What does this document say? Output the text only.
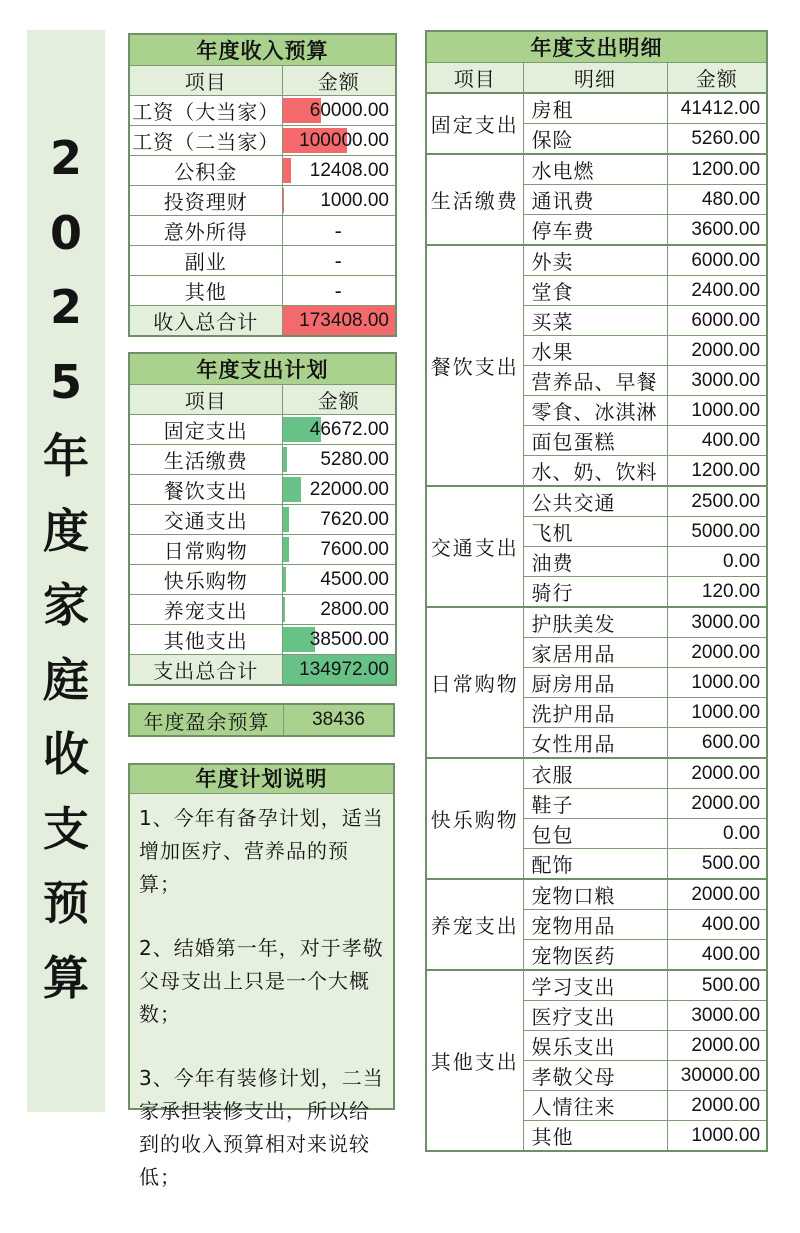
2
0
2
5
年
度
家
庭
收
支
预
算
年度收入预算	
项目	金额
工资（大当家）	60000.00

工资（二当家）	100000.00

公积金	12408.00

投资理财	1000.00

意外所得	-

副业	-

其他	-

收入总合计	173408.00
年度支出计划	
项目	金额
固定支出	46672.00

生活缴费	5280.00

餐饮支出	22000.00

交通支出	7620.00

日常购物	7600.00

快乐购物	4500.00

养宠支出	2800.00

其他支出	38500.00

支出总合计	134972.00
年度盈余预算	38436
年度计划说明

1、今年有备孕计划，适当增加医疗、营养品的预算；

2、结婚第一年，对于孝敬父母支出上只是一个大概数；

3、今年有装修计划，二当家承担装修支出，所以给到的收入预算相对来说较低；

年度支出明细		
项目	明细	金额
固定支出	房租	41412.00
	保险	5260.00
生活缴费	水电燃	1200.00
	通讯费	480.00
	停车费	3600.00
餐饮支出	外卖	6000.00
	堂食	2400.00
	买菜	6000.00
	水果	2000.00
	营养品、早餐	3000.00
	零食、冰淇淋	1000.00
	面包蛋糕	400.00
	水、奶、饮料	1200.00
交通支出	公共交通	2500.00
	飞机	5000.00
	油费	0.00
	骑行	120.00
日常购物	护肤美发	3000.00
	家居用品	2000.00
	厨房用品	1000.00
	洗护用品	1000.00
	女性用品	600.00
快乐购物	衣服	2000.00
	鞋子	2000.00
	包包	0.00
	配饰	500.00
养宠支出	宠物口粮	2000.00
	宠物用品	400.00
	宠物医药	400.00
其他支出	学习支出	500.00
	医疗支出	3000.00
	娱乐支出	2000.00
	孝敬父母	30000.00
	人情往来	2000.00
	其他	1000.00
